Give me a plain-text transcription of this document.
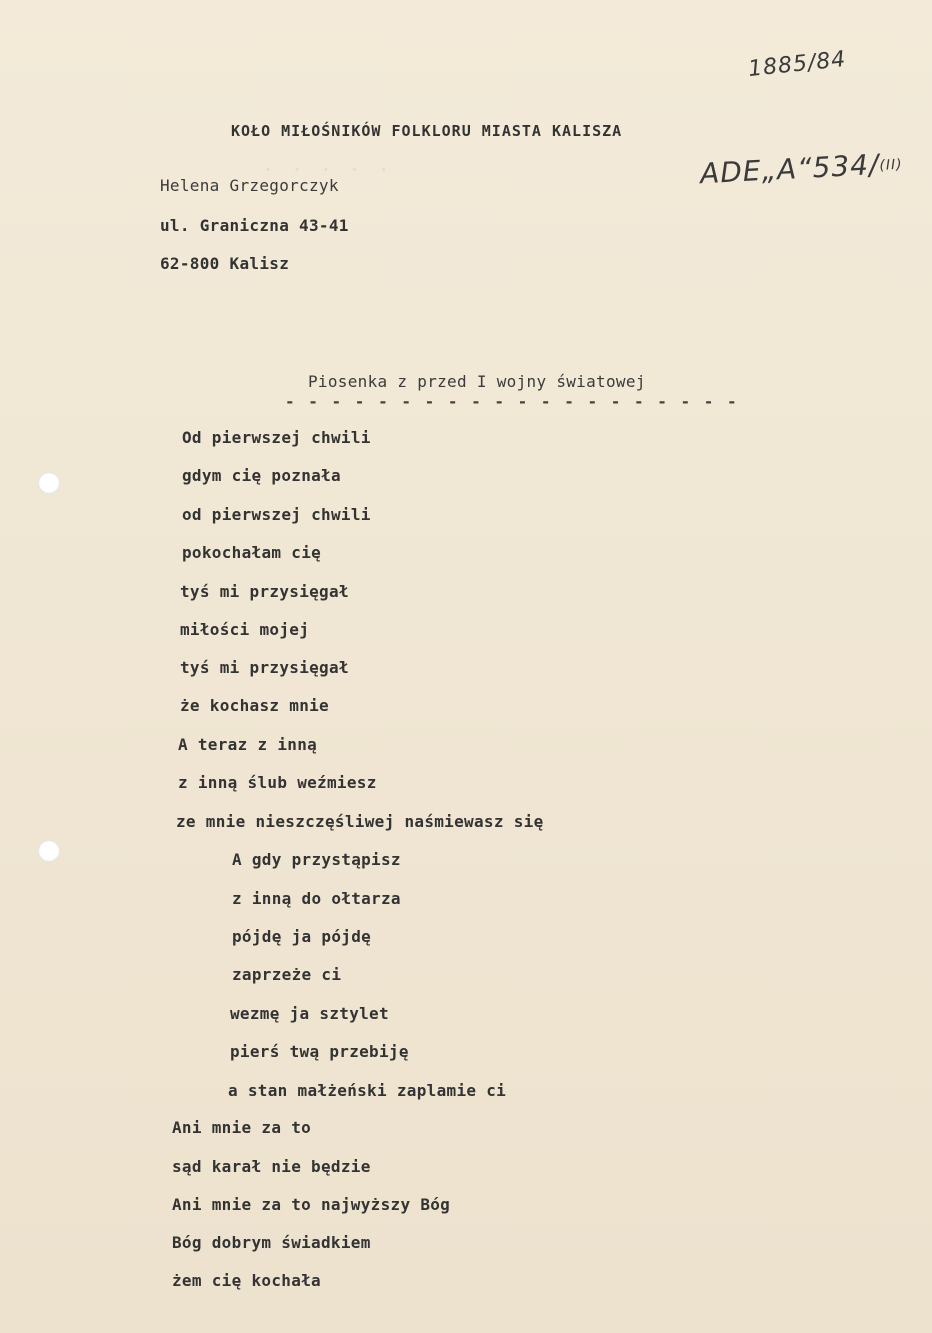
·  ·  ·  ·  ·
1885/84
ADE„A“534/(II)
KOŁO MIŁOŚNIKÓW FOLKLORU MIASTA KALISZA
Helena Grzegorczyk
ul. Graniczna 43-41
62-800 Kalisz
Piosenka z przed I wojny światowej
- - - - - - - - - - - - - - - - - - - -
Od pierwszej chwili
gdym cię poznała
od pierwszej chwili
pokochałam cię
tyś mi przysięgał
miłości mojej
tyś mi przysięgał
że kochasz mnie
A teraz z inną
z inną ślub weźmiesz
ze mnie nieszczęśliwej naśmiewasz się
A gdy przystąpisz
z inną do ołtarza
pójdę ja pójdę
zaprzeże ci
wezmę ja sztylet
pierś twą przebiję
a stan małżeński zaplamie ci
Ani mnie za to
sąd karał nie będzie
Ani mnie za to najwyższy Bóg
Bóg dobrym świadkiem
żem cię kochała
